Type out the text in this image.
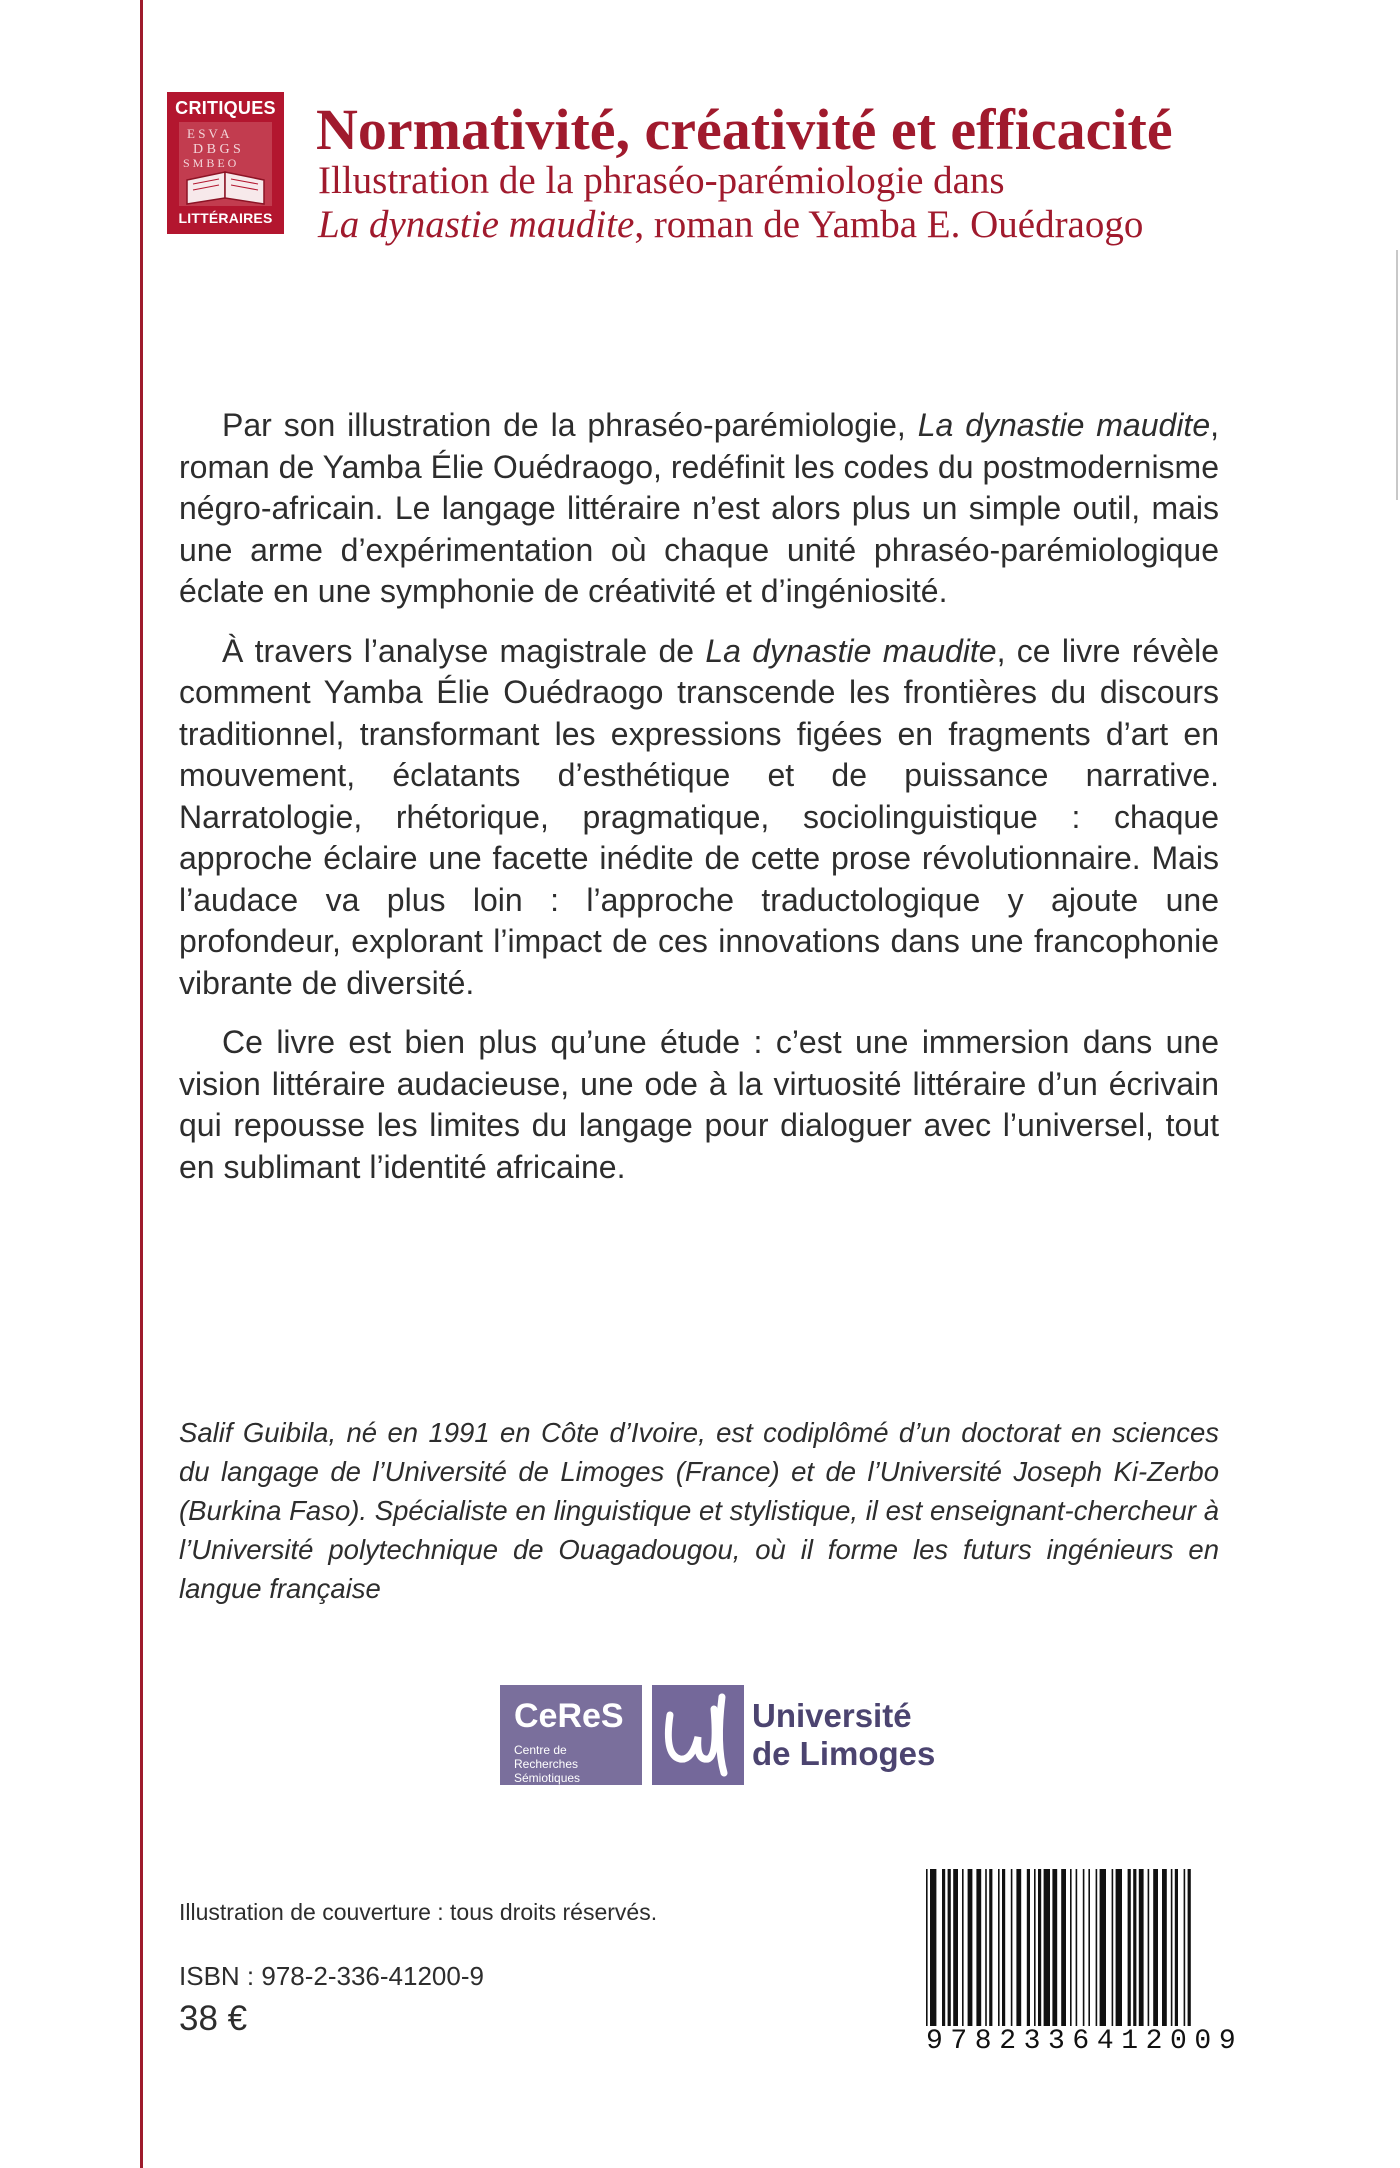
CRITIQUES
E S V A
D B G S
S M B E O
LITTÉRAIRES
Normativité, créativité et efficacité

Illustration de la phraséo-parémiologie dans

La dynastie maudite, roman de Yamba E. Ouédraogo

Par son illustration de la phraséo-parémiologie, La dynastie maudite, roman de Yamba Élie Ouédraogo, redéfinit les codes du postmodernisme négro-africain. Le langage littéraire n’est alors plus un simple outil, mais une arme d’expérimentation où chaque unité phraséo-parémiologique éclate en une symphonie de créativité et d’ingéniosité.

À travers l’analyse magistrale de La dynastie maudite, ce livre révèle comment Yamba Élie Ouédraogo transcende les frontières du discours traditionnel, transformant les expressions figées en fragments d’art en mouvement, éclatants d’esthétique et de puissance narrative. Narratologie, rhétorique, pragmatique, sociolinguistique : chaque approche éclaire une facette inédite de cette prose révolutionnaire. Mais l’audace va plus loin : l’approche traductologique y ajoute une profondeur, explorant l’impact de ces innovations dans une francophonie vibrante de diversité.

Ce livre est bien plus qu’une étude : c’est une immersion dans une vision littéraire audacieuse, une ode à la virtuosité littéraire d’un écrivain qui repousse les limites du langage pour dialoguer avec l’universel, tout en sublimant l’identité africaine.

Salif Guibila, né en 1991 en Côte d’Ivoire, est codiplômé d’un doctorat en sciences du langage de l’Université de Limoges (France) et de l’Université Joseph Ki-Zerbo (Burkina Faso). Spécialiste en linguistique et stylistique, il est enseignant-chercheur à l’Université polytechnique de Ouagadougou, où il forme les futurs ingénieurs en langue française
CeReS
Centre de Recherches Sémiotiques
Université
de Limoges

Illustration de couverture : tous droits réservés.

ISBN : 978-2-336-41200-9

38 €

9782336412009
